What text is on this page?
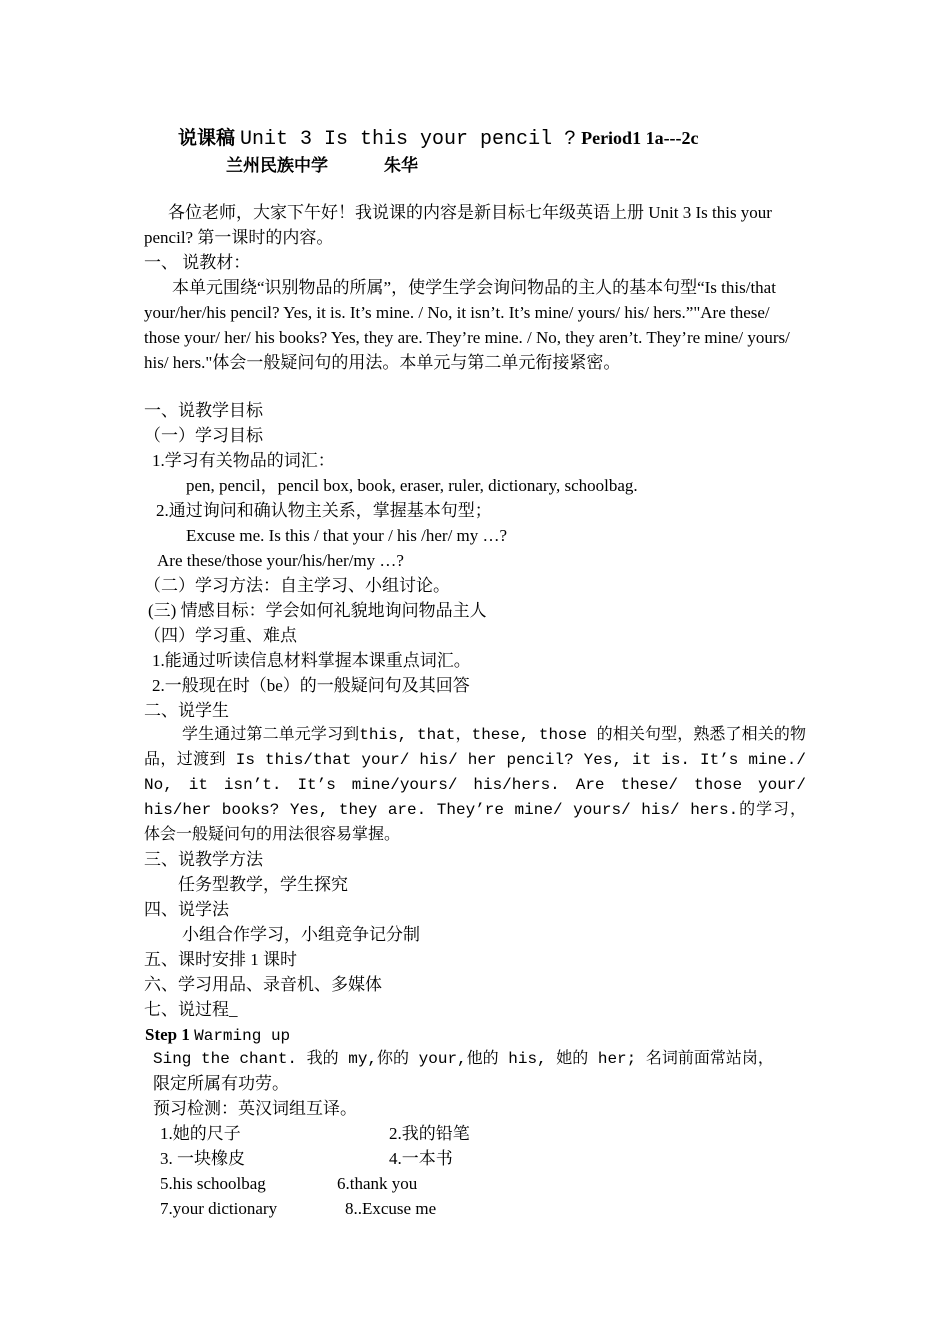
说课稿 Unit 3 Is this your pencil ? Period1 1a---2c
兰州民族中学	朱华
各位老师，大家下午好！我说课的内容是新目标七年级英语上册 Unit 3 Is this your pencil? 第一课时的内容。
一、 说教材：
本单元围绕“识别物品的所属”，使学生学会询问物品的主人的基本句型“Is this/that your/her/his pencil? Yes, it is. It’s mine. / No, it isn’t. It’s mine/ yours/ his/ hers.”"Are these/ those your/ her/ his books? Yes, they are. They’re mine. / No, they aren’t. They’re mine/ yours/ his/ hers."体会一般疑问句的用法。本单元与第二单元衔接紧密。
一、说教学目标
（一）学习目标
1.学习有关物品的词汇：
pen, pencil，pencil box, book, eraser, ruler, dictionary, schoolbag.
2.通过询问和确认物主关系，掌握基本句型；
Excuse me. Is this / that your / his /her/ my …?
Are these/those your/his/her/my …?
（二）学习方法：自主学习、小组讨论。
(三) 情感目标：学会如何礼貌地询问物品主人
（四）学习重、难点
1.能通过听读信息材料掌握本课重点词汇。
2.一般现在时（be）的一般疑问句及其回答
二、说学生
学生通过第二单元学习到this, that，these, those 的相关句型，熟悉了相关的物品，过渡到 Is this/that your/ his/ her pencil? Yes, it is. It’s mine./ No, it isn’t. It’s mine/yours/ his/hers. Are these/ those your/ his/her books? Yes, they are. They’re mine/ yours/ his/ hers.的学习，体会一般疑问句的用法很容易掌握。
三、说教学方法
任务型教学，学生探究
四、说学法
小组合作学习，小组竞争记分制
五、课时安排 1 课时
六、学习用品、录音机、多媒体
七、说过程_
Step 1 Warming up
Sing the chant. 我的 my,你的 your,他的 his, 她的 her; 名词前面常站岗，
限定所属有功劳。
预习检测：英汉词组互译。
1.她的尺子	2.我的铅笔
3. 一块橡皮	4.一本书
5.his schoolbag	6.thank you
7.your dictionary	8..Excuse me
